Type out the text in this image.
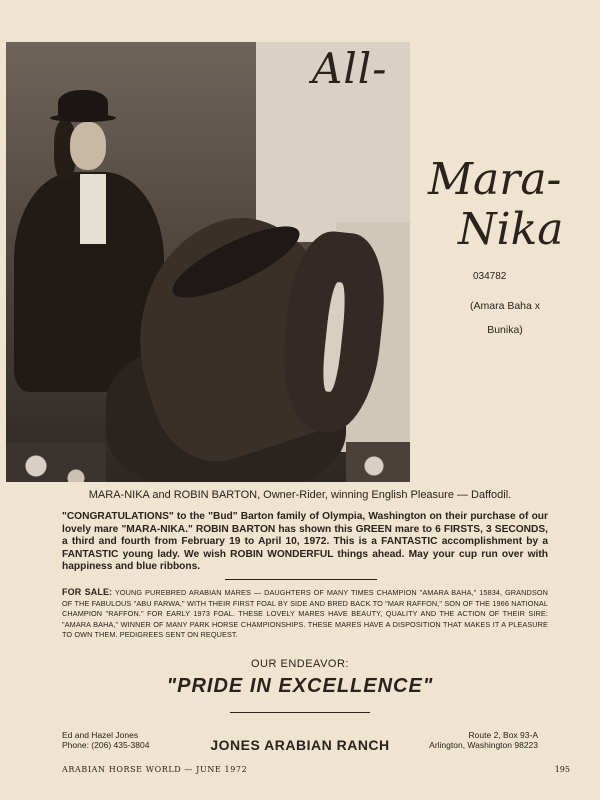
All-
Mara-
Nika
034782
(Amara Baha x
Bunika)
MARA-NIKA and ROBIN BARTON, Owner-Rider, winning English Pleasure — Daffodil.
"CONGRATULATIONS" to the "Bud" Barton family of Olympia, Washington on their purchase of our lovely mare "MARA-NIKA." ROBIN BARTON has shown this GREEN mare to 6 FIRSTS, 3 SECONDS, a third and fourth from February 19 to April 10, 1972. This is a FANTASTIC accomplishment by a FANTASTIC young lady. We wish ROBIN WONDERFUL things ahead. May your cup run over with happiness and blue ribbons.
FOR SALE: YOUNG PUREBRED ARABIAN MARES — DAUGHTERS OF MANY TIMES CHAMPION "AMARA BAHA," 15834, GRANDSON OF THE FABULOUS "ABU FARWA," WITH THEIR FIRST FOAL BY SIDE AND BRED BACK TO "MAR RAFFON," SON OF THE 1966 NATIONAL CHAMPION "RAFFON." FOR EARLY 1973 FOAL. THESE LOVELY MARES HAVE BEAUTY, QUALITY AND THE ACTION OF THEIR SIRE: "AMARA BAHA," WINNER OF MANY PARK HORSE CHAMPIONSHIPS. THESE MARES HAVE A DISPOSITION THAT MAKES IT A PLEASURE TO OWN THEM. PEDIGREES SENT ON REQUEST.
OUR ENDEAVOR:
"PRIDE IN EXCELLENCE"
Ed and Hazel Jones
Phone: (206) 435-3804	JONES ARABIAN RANCH
Route 2, Box 93-A
Arlington, Washington 98223
ARABIAN HORSE WORLD — JUNE 1972	195
